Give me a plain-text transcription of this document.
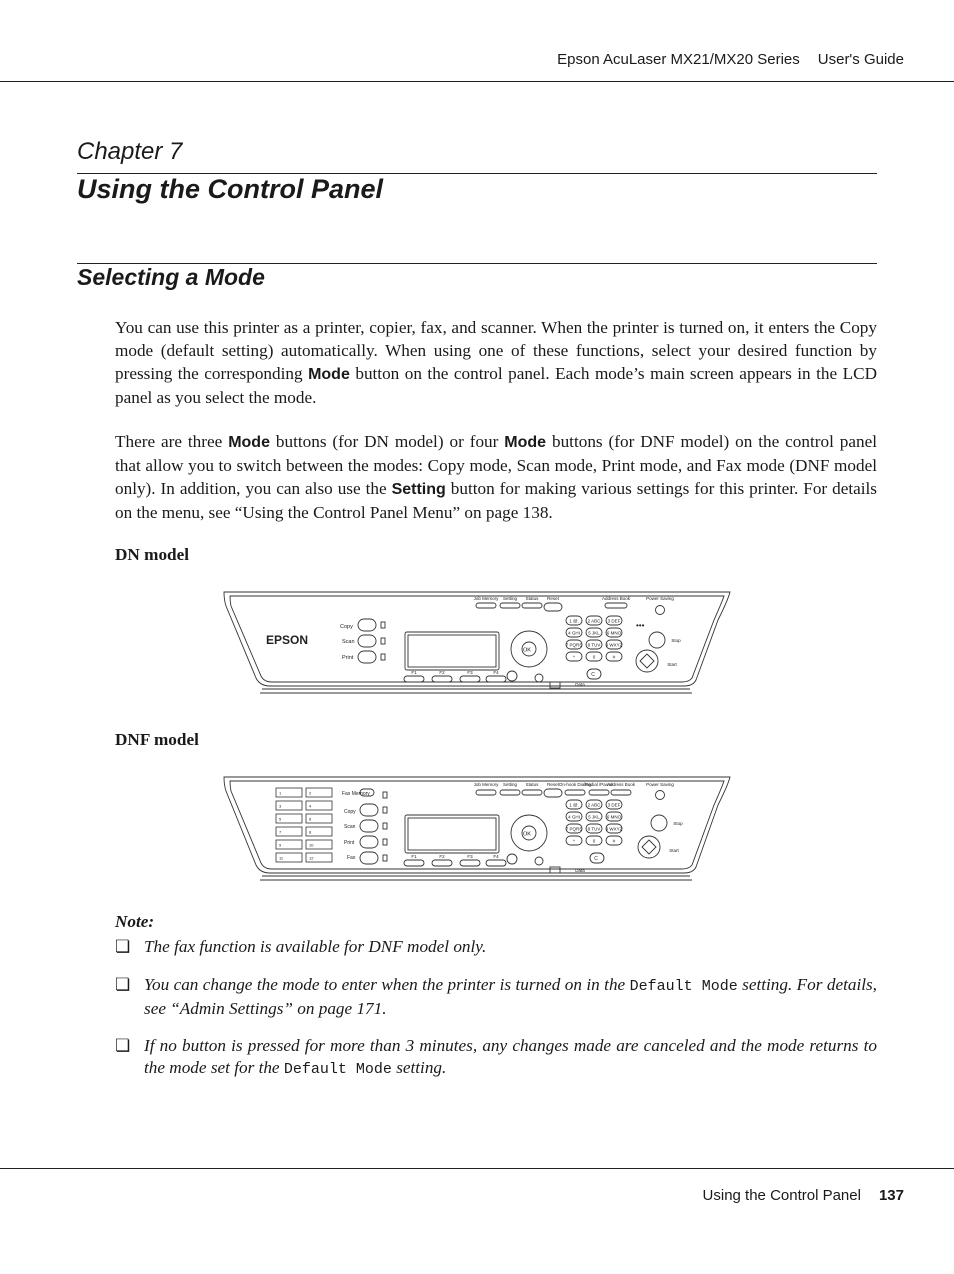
Epson AcuLaser MX21/MX20 Series User's Guide
Chapter 7
Using the Control Panel
Selecting a Mode
You can use this printer as a printer, copier, fax, and scanner. When the printer is turned on, it enters the Copy mode (default setting) automatically. When using one of these functions, select your desired function by pressing the corresponding Mode button on the control panel. Each mode’s main screen appears in the LCD panel as you select the mode.
There are three Mode buttons (for DN model) or four Mode buttons (for DNF model) on the control panel that allow you to switch between the modes: Copy mode, Scan mode, Print mode, and Fax mode (DNF model only). In addition, you can also use the Setting button for making various settings for this printer. For details on the menu, see “Using the Control Panel Menu” on page 138.
DN model
EPSON
Copy
Scan
Print
OK
F1	F2	F3	F4
Job Memory Setting Status Reset	Address Book	Power Saving
Stop
Start
Data
1 @. 2 ABC 3 DEF
4 GHI 5 JKL 6 MNO
7 PQRS 8 TUV 9 WXYZ
*	0	#
C
•••
DNF model
1	2
3	4
5	6
7	8
9	10
11	12
Fax Memory
Copy
Scan
Print
Fax
OK
F1	F2	F3	F4
Job Memory Setting Status Reset On-hook Dialing
Redial /Pause
Address Book Power Saving
Stop
Start
Data
1 @. 2 ABC 3 DEF
4 GHI 5 JKL 6 MNO
7 PQRS 8 TUV 9 WXYZ
*	0	#
C
Note:
❏ The fax function is available for DNF model only.
❏ You can change the mode to enter when the printer is turned on in the Default Mode setting. For details, see “Admin Settings” on page 171.
❏ If no button is pressed for more than 3 minutes, any changes made are canceled and the mode returns to the mode set for the Default Mode setting.
Using the Control Panel 137
